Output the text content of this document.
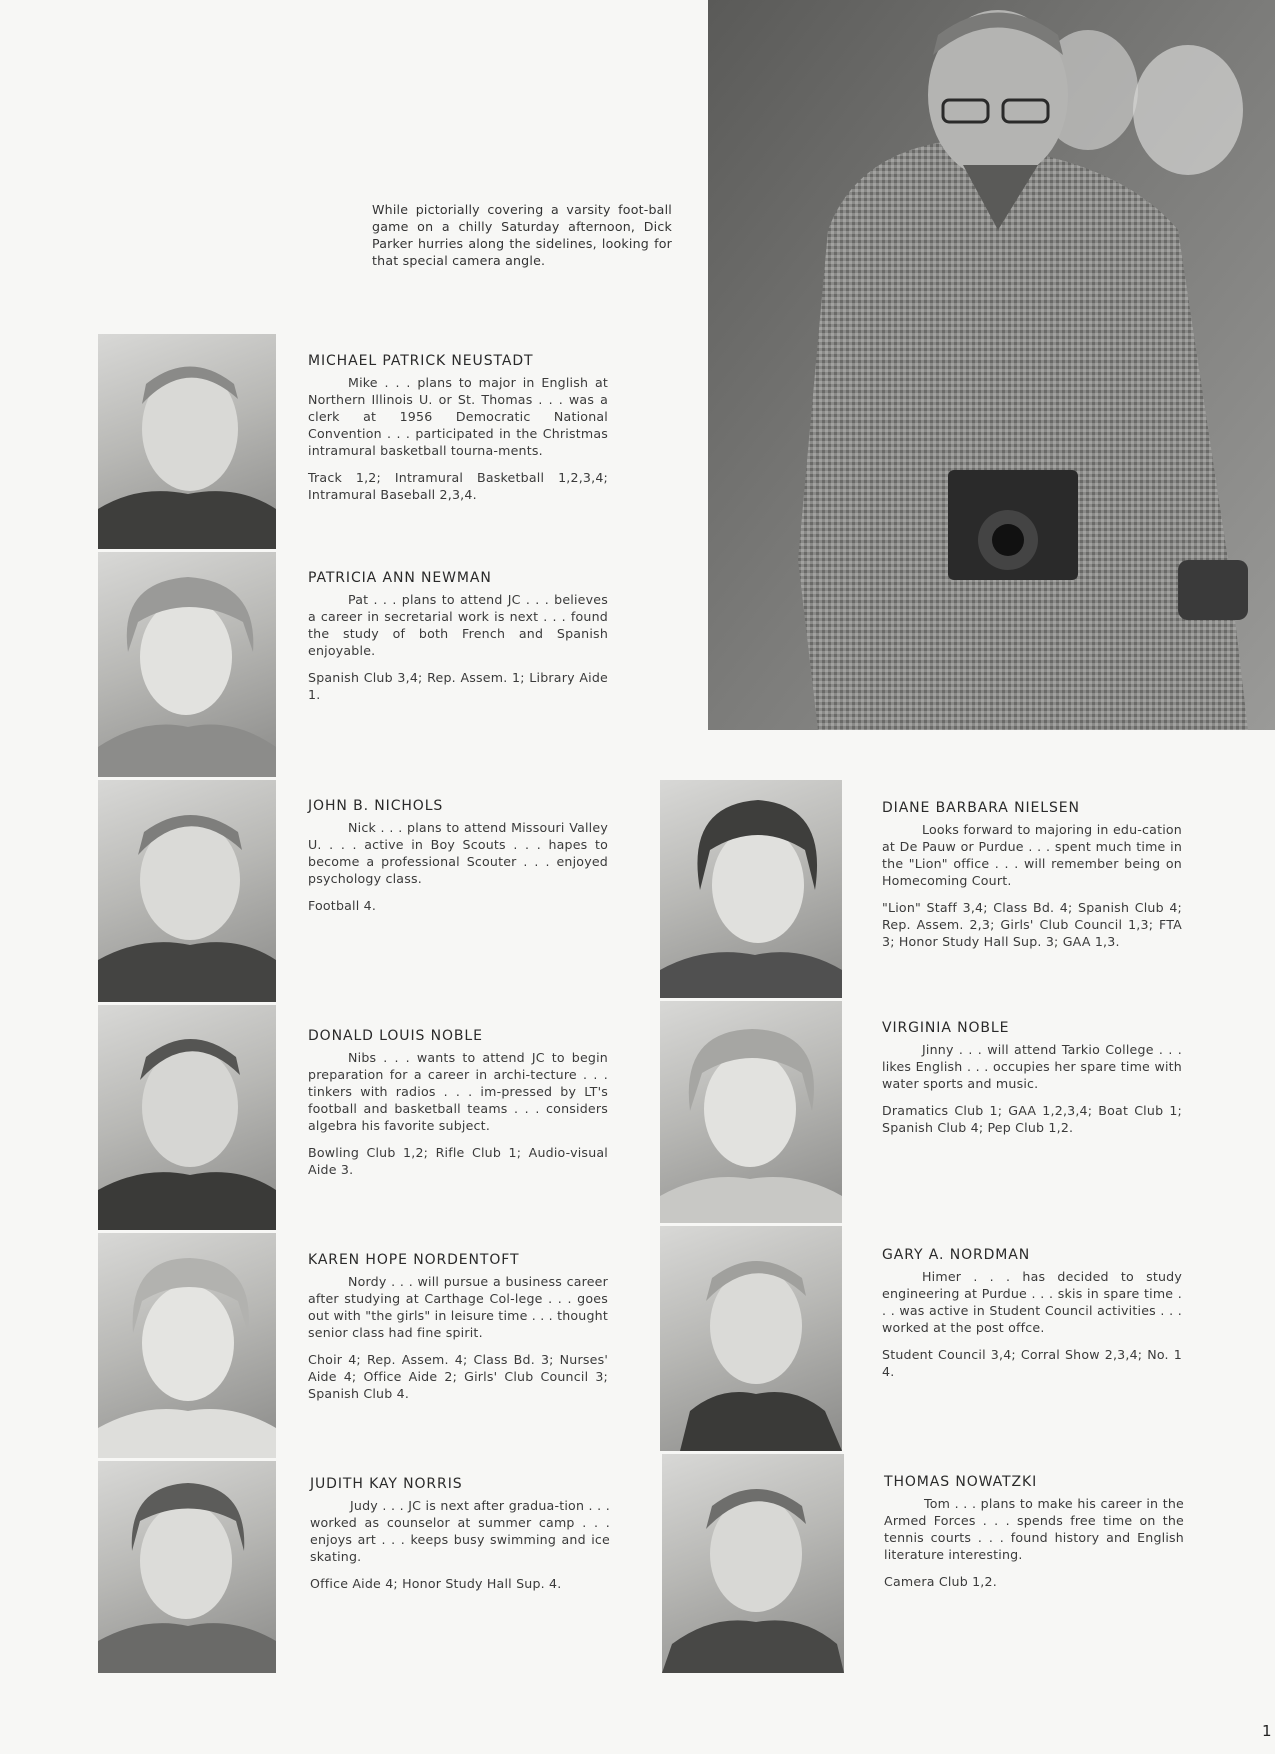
While pictorially covering a varsity foot-ball game on a chilly Saturday afternoon, Dick Parker hurries along the sidelines, looking for that special camera angle.

MICHAEL PATRICK NEUSTADT

Mike . . . plans to major in English at Northern Illinois U. or St. Thomas . . . was a clerk at 1956 Democratic National Convention . . . participated in the Christmas intramural basketball tourna-ments.

Track 1,2; Intramural Basketball 1,2,3,4; Intramural Baseball 2,3,4.

PATRICIA ANN NEWMAN

Pat . . . plans to attend JC . . . believes a career in secretarial work is next . . . found the study of both French and Spanish enjoyable.

Spanish Club 3,4; Rep. Assem. 1; Library Aide 1.

JOHN B. NICHOLS

Nick . . . plans to attend Missouri Valley U. . . . active in Boy Scouts . . . hapes to become a professional Scouter . . . enjoyed psychology class.

Football 4.

DONALD LOUIS NOBLE

Nibs . . . wants to attend JC to begin preparation for a career in archi-tecture . . . tinkers with radios . . . im-pressed by LT's football and basketball teams . . . considers algebra his favorite subject.

Bowling Club 1,2; Rifle Club 1; Audio-visual Aide 3.

KAREN HOPE NORDENTOFT

Nordy . . . will pursue a business career after studying at Carthage Col-lege . . . goes out with "the girls" in leisure time . . . thought senior class had fine spirit.

Choir 4; Rep. Assem. 4; Class Bd. 3; Nurses' Aide 4; Office Aide 2; Girls' Club Council 3; Spanish Club 4.

JUDITH KAY NORRIS

Judy . . . JC is next after gradua-tion . . . worked as counselor at summer camp . . . enjoys art . . . keeps busy swimming and ice skating.

Office Aide 4; Honor Study Hall Sup. 4.

DIANE BARBARA NIELSEN

Looks forward to majoring in edu-cation at De Pauw or Purdue . . . spent much time in the "Lion" office . . . will remember being on Homecoming Court.

"Lion" Staff 3,4; Class Bd. 4; Spanish Club 4; Rep. Assem. 2,3; Girls' Club Council 1,3; FTA 3; Honor Study Hall Sup. 3; GAA 1,3.

VIRGINIA NOBLE

Jinny . . . will attend Tarkio College . . . likes English . . . occupies her spare time with water sports and music.

Dramatics Club 1; GAA 1,2,3,4; Boat Club 1; Spanish Club 4; Pep Club 1,2.

GARY A. NORDMAN

Himer . . . has decided to study engineering at Purdue . . . skis in spare time . . . was active in Student Council activities . . . worked at the post offce.

Student Council 3,4; Corral Show 2,3,4; No. 1 4.

THOMAS NOWATZKI

Tom . . . plans to make his career in the Armed Forces . . . spends free time on the tennis courts . . . found history and English literature interesting.

Camera Club 1,2.

1
